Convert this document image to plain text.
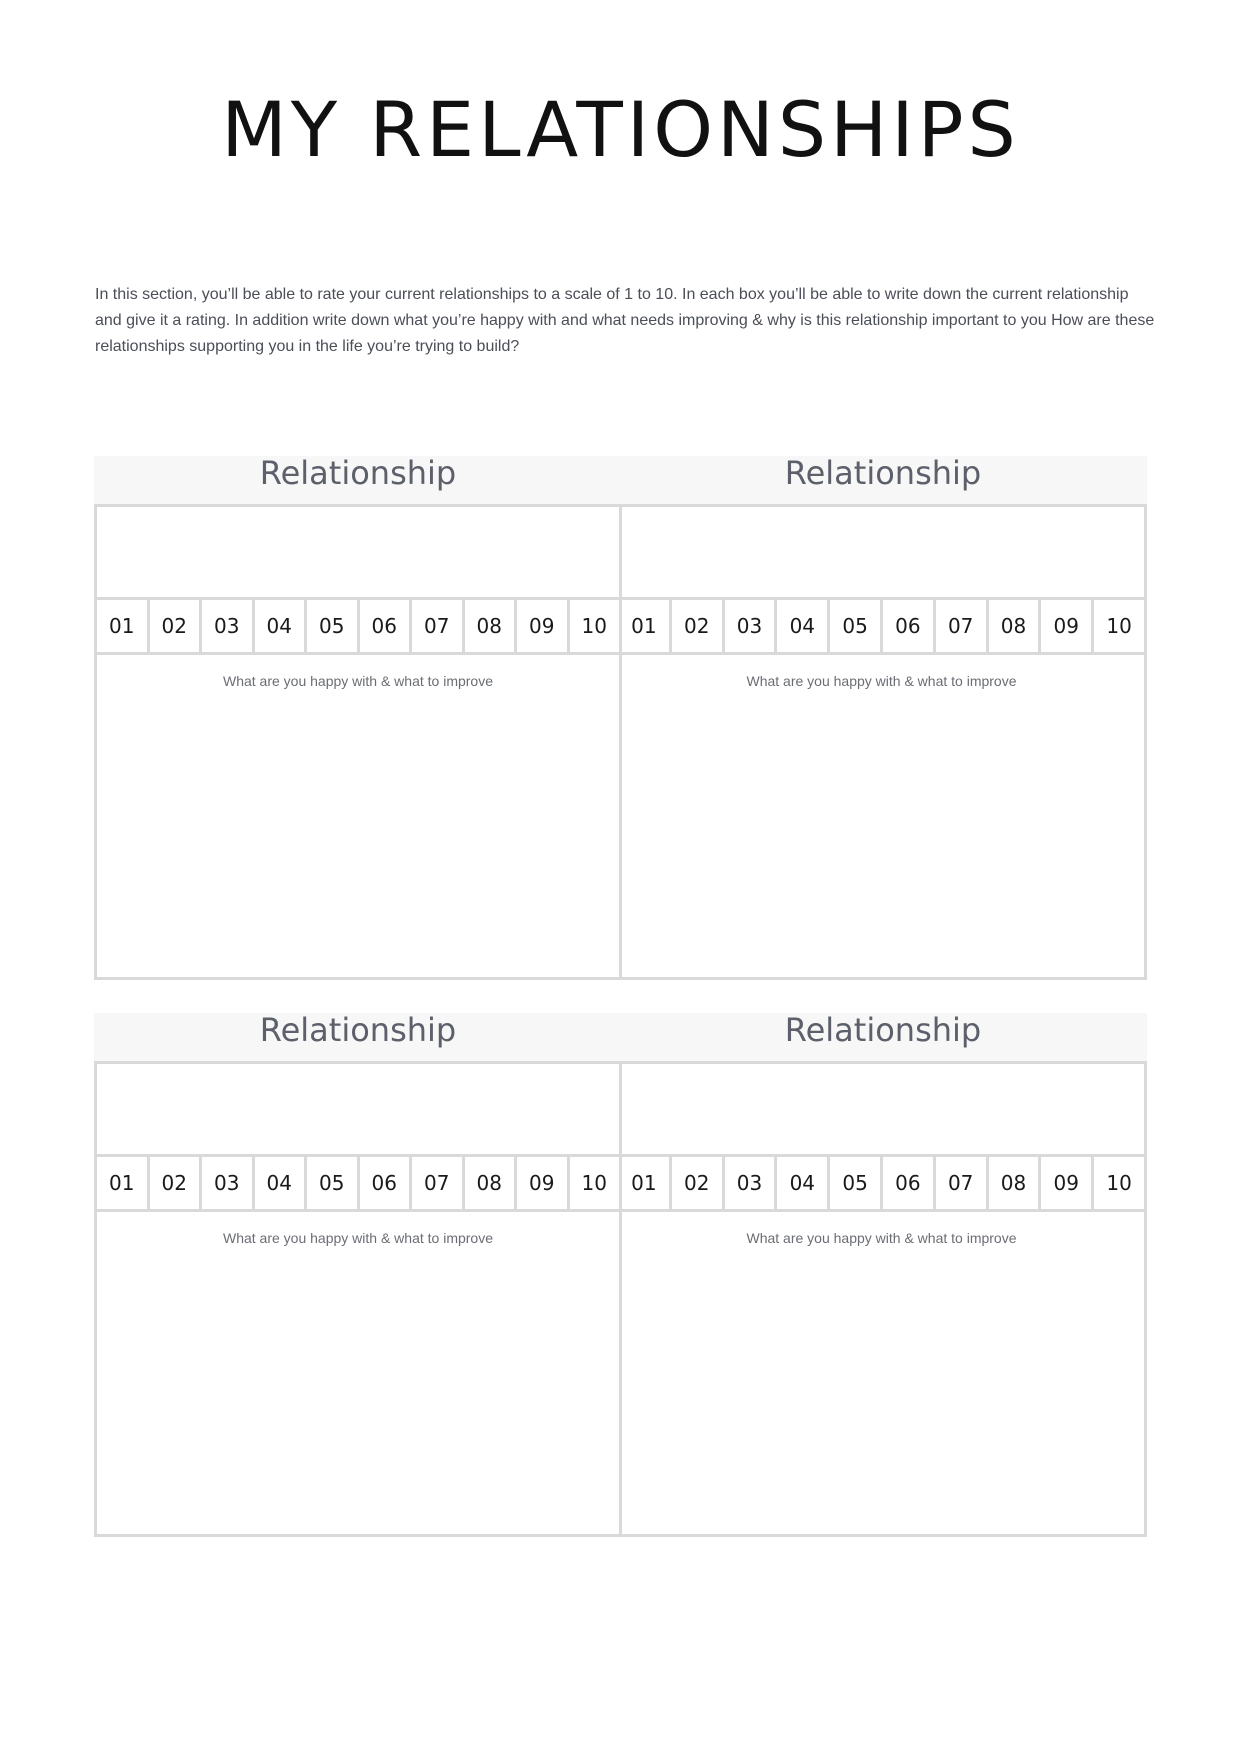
MY RELATIONSHIPS
In this section, you’ll be able to rate your current relationships to a scale of 1 to 10. In each box you’ll be able to write down the current relationship and give it a rating. In addition write down what you’re happy with and what needs improving & why is this relationship important to you How are these relationships supporting you in the life you’re trying to build?
Relationship
01	02	03	04	05	06	07	08	09	10
What are you happy with & what to improve
Relationship
01	02	03	04	05	06	07	08	09	10
What are you happy with & what to improve
Relationship
01	02	03	04	05	06	07	08	09	10
What are you happy with & what to improve
Relationship
01	02	03	04	05	06	07	08	09	10
What are you happy with & what to improve
